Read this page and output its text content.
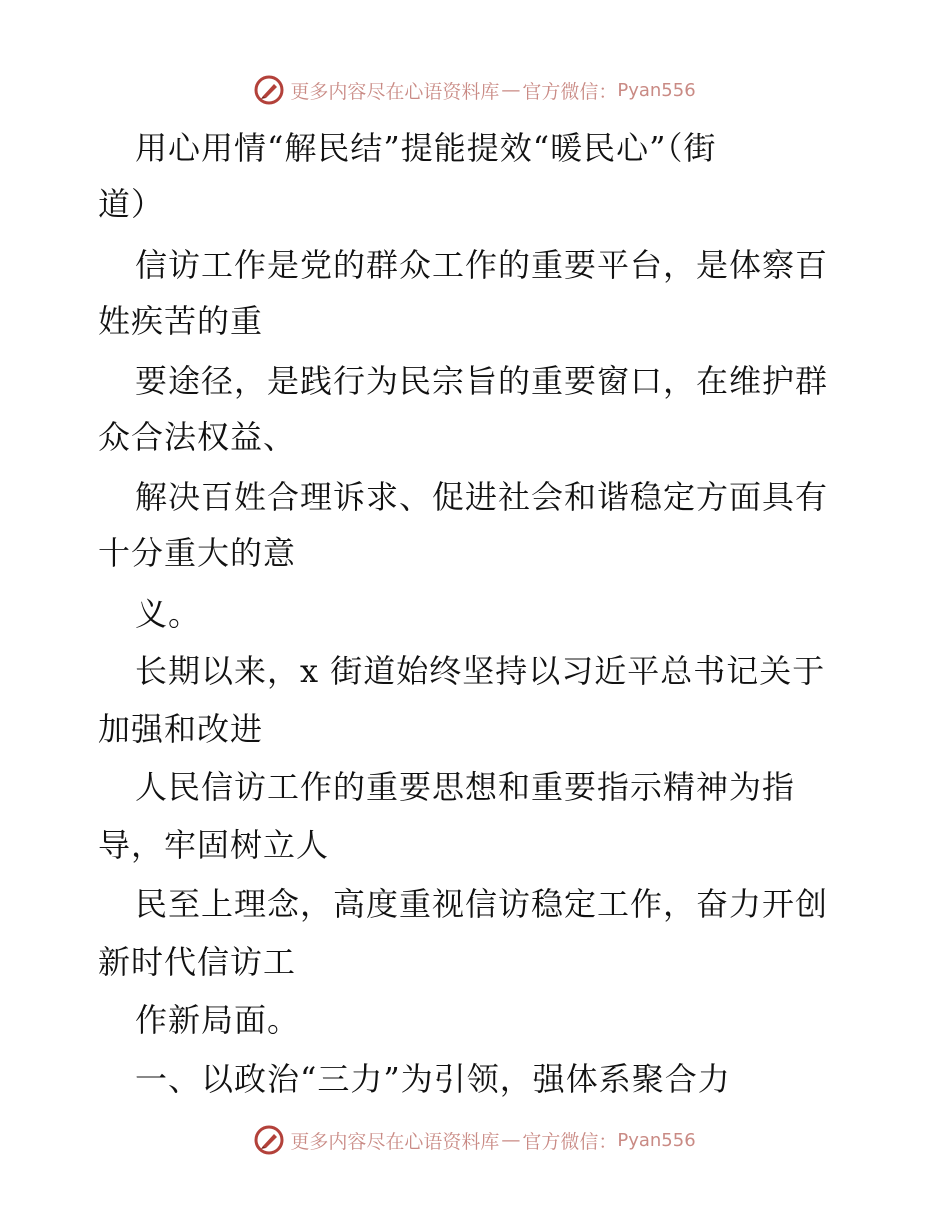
更多内容尽在心语资料库 — 官方微信： Pyan556
用心用情“解民结”提能提效“暖民心”（街
道）
信访工作是党的群众工作的重要平台，是体察百
姓疾苦的重
要途径，是践行为民宗旨的重要窗口，在维护群
众合法权益、
解决百姓合理诉求、促进社会和谐稳定方面具有
十分重大的意
义。
长期以来，x 街道始终坚持以习近平总书记关于
加强和改进
人民信访工作的重要思想和重要指示精神为指
导，牢固树立人
民至上理念，高度重视信访稳定工作，奋力开创
新时代信访工
作新局面。
一、以政治“三力”为引领，强体系聚合力
更多内容尽在心语资料库 — 官方微信： Pyan556
